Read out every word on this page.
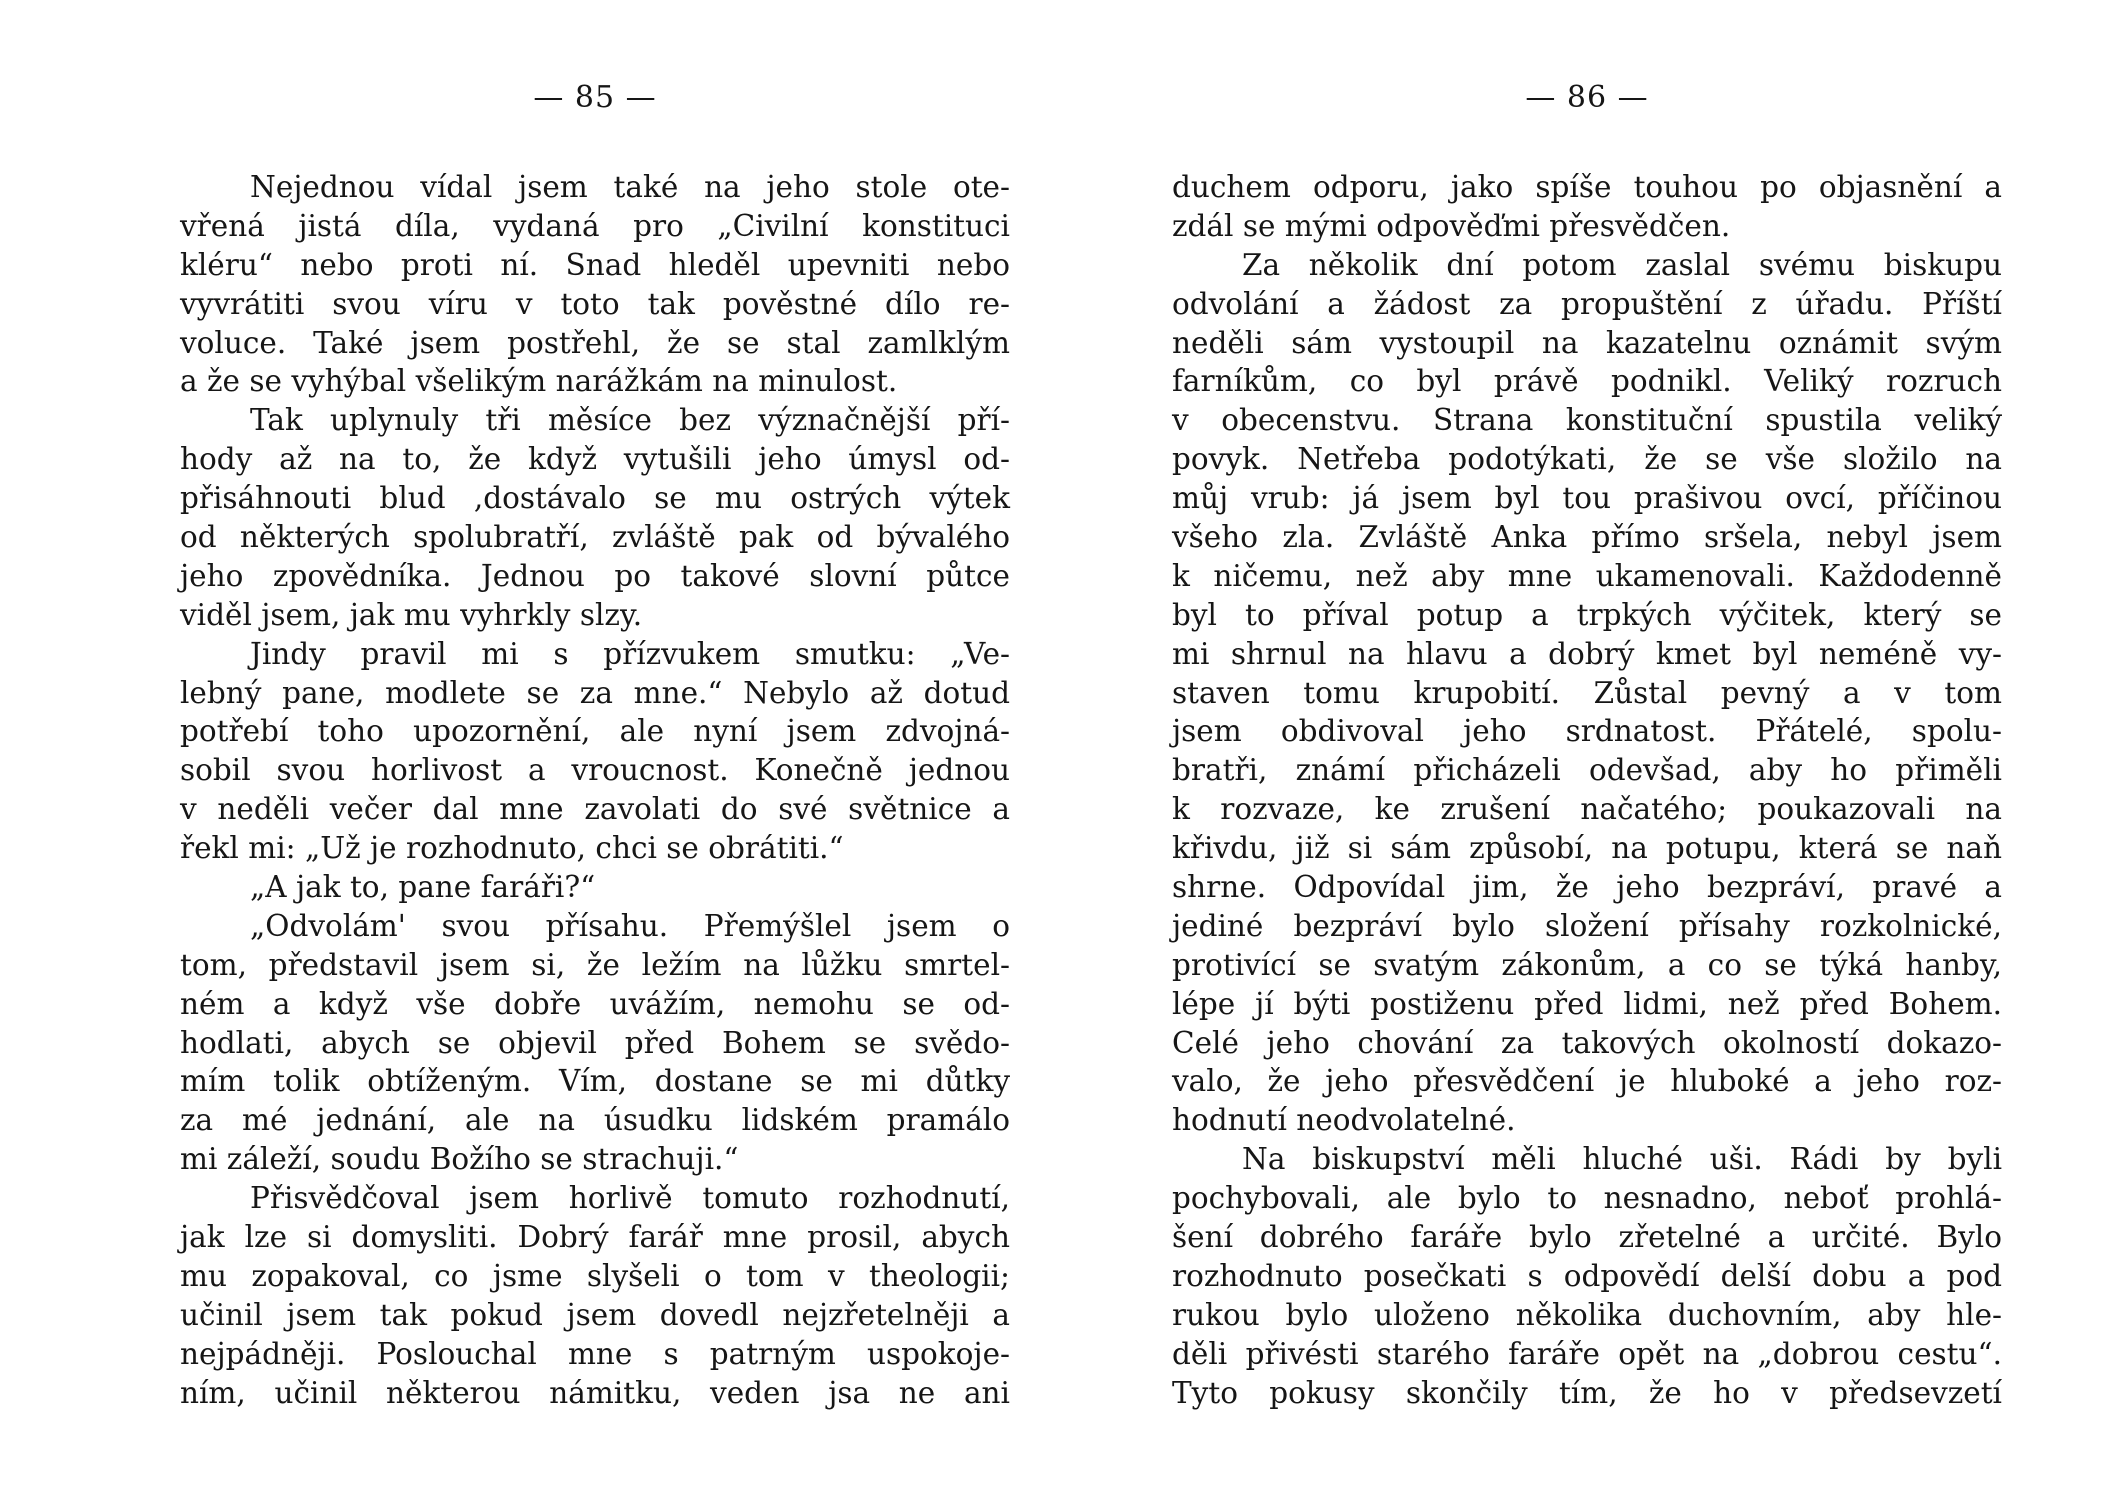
— 85 —
Nejednou vídal jsem také na jeho stole ote-
vřená jistá díla, vydaná pro „Civilní konstituci
kléru“ nebo proti ní. Snad hleděl upevniti nebo
vyvrátiti svou víru v toto tak pověstné dílo re-
voluce. Také jsem postřehl, že se stal zamlklým
a že se vyhýbal všelikým narážkám na minulost.
Tak uplynuly tři měsíce bez význačnější pří-
hody až na to, že když vytušili jeho úmysl od-
přisáhnouti blud ,dostávalo se mu ostrých výtek
od některých spolubratří, zvláště pak od bývalého
jeho zpovědníka. Jednou po takové slovní půtce
viděl jsem, jak mu vyhrkly slzy.
Jindy pravil mi s přízvukem smutku: „Ve-
lebný pane, modlete se za mne.“ Nebylo až dotud
potřebí toho upozornění, ale nyní jsem zdvojná-
sobil svou horlivost a vroucnost. Konečně jednou
v neděli večer dal mne zavolati do své světnice a
řekl mi: „Už je rozhodnuto, chci se obrátiti.“
„A jak to, pane faráři?“
„Odvolám' svou přísahu. Přemýšlel jsem o
tom, představil jsem si, že ležím na lůžku smrtel-
ném a když vše dobře uvážím, nemohu se od-
hodlati, abych se objevil před Bohem se svědo-
mím tolik obtíženým. Vím, dostane se mi důtky
za mé jednání, ale na úsudku lidském pramálo
mi záleží, soudu Božího se strachuji.“
Přisvědčoval jsem horlivě tomuto rozhodnutí,
jak lze si domysliti. Dobrý farář mne prosil, abych
mu zopakoval, co jsme slyšeli o tom v theologii;
učinil jsem tak pokud jsem dovedl nejzřetelněji a
nejpádněji. Poslouchal mne s patrným uspokoje-
ním, učinil některou námitku, veden jsa ne ani
— 86 —
duchem odporu, jako spíše touhou po objasnění a
zdál se mými odpověďmi přesvědčen.
Za několik dní potom zaslal svému biskupu
odvolání a žádost za propuštění z úřadu. Příští
neděli sám vystoupil na kazatelnu oznámit svým
farníkům, co byl právě podnikl. Veliký rozruch
v obecenstvu. Strana konstituční spustila veliký
povyk. Netřeba podotýkati, že se vše složilo na
můj vrub: já jsem byl tou prašivou ovcí, příčinou
všeho zla. Zvláště Anka přímo sršela, nebyl jsem
k ničemu, než aby mne ukamenovali. Každodenně
byl to příval potup a trpkých výčitek, který se
mi shrnul na hlavu a dobrý kmet byl neméně vy-
staven tomu krupobití. Zůstal pevný a v tom
jsem obdivoval jeho srdnatost. Přátelé, spolu-
bratři, známí přicházeli odevšad, aby ho přiměli
k rozvaze, ke zrušení načatého; poukazovali na
křivdu, již si sám způsobí, na potupu, která se naň
shrne. Odpovídal jim, že jeho bezpráví, pravé a
jediné bezpráví bylo složení přísahy rozkolnické,
protivící se svatým zákonům, a co se týká hanby,
lépe jí býti postiženu před lidmi, než před Bohem.
Celé jeho chování za takových okolností dokazo-
valo, že jeho přesvědčení je hluboké a jeho roz-
hodnutí neodvolatelné.
Na biskupství měli hluché uši. Rádi by byli
pochybovali, ale bylo to nesnadno, neboť prohlá-
šení dobrého faráře bylo zřetelné a určité. Bylo
rozhodnuto posečkati s odpovědí delší dobu a pod
rukou bylo uloženo několika duchovním, aby hle-
děli přivésti starého faráře opět na „dobrou cestu“.
Tyto pokusy skončily tím, že ho v předsevzetí
